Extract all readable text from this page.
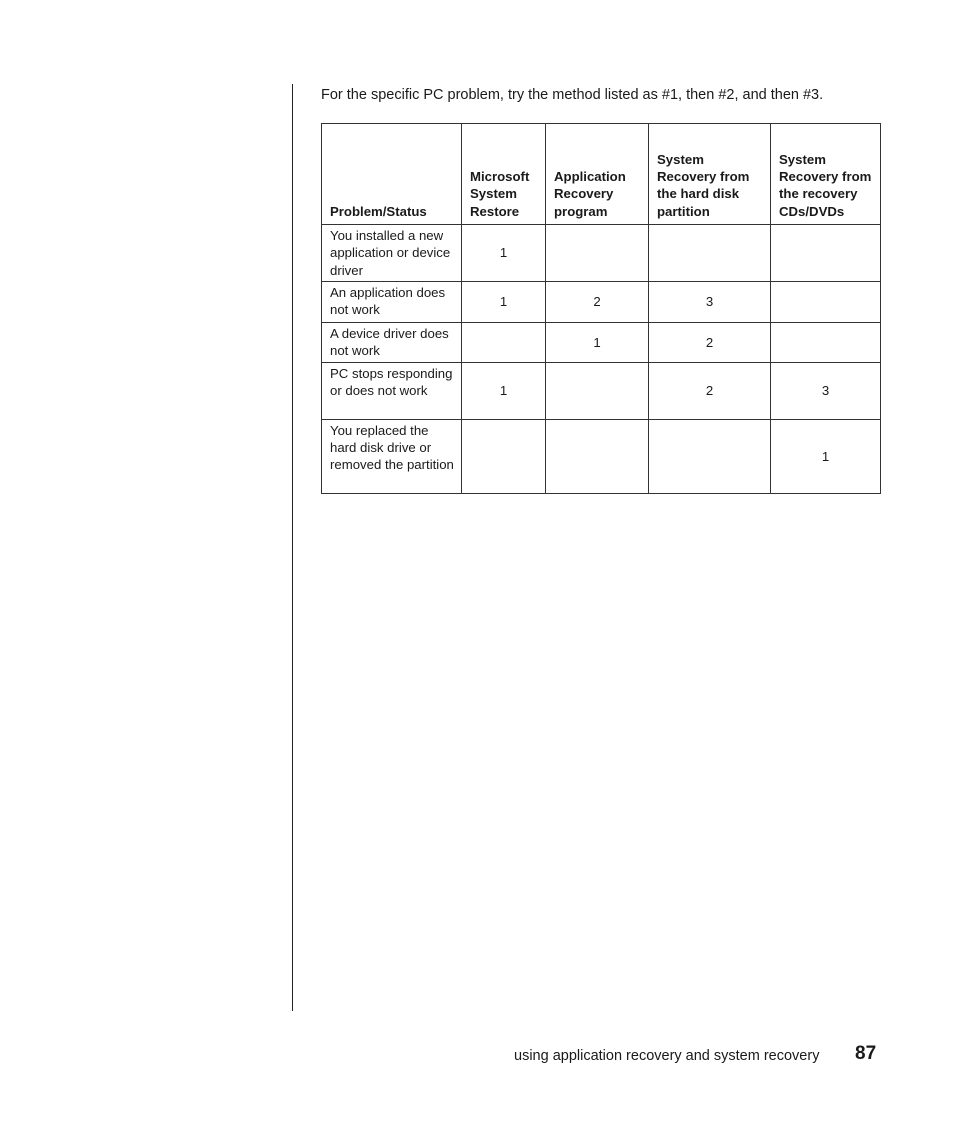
For the specific PC problem, try the method listed as #1, then #2, and then #3.

Problem/Status	Microsoft System Restore	Application Recovery program	System Recovery from the hard disk partition	System Recovery from the recovery CDs/DVDs
You installed a new application or device driver	1			
An application does not work	1	2	3	
A device driver does not work		1	2	
PC stops responding or does not work	1		2	3
You replaced the hard disk drive or removed the partition				1
using application recovery and system recovery 87
